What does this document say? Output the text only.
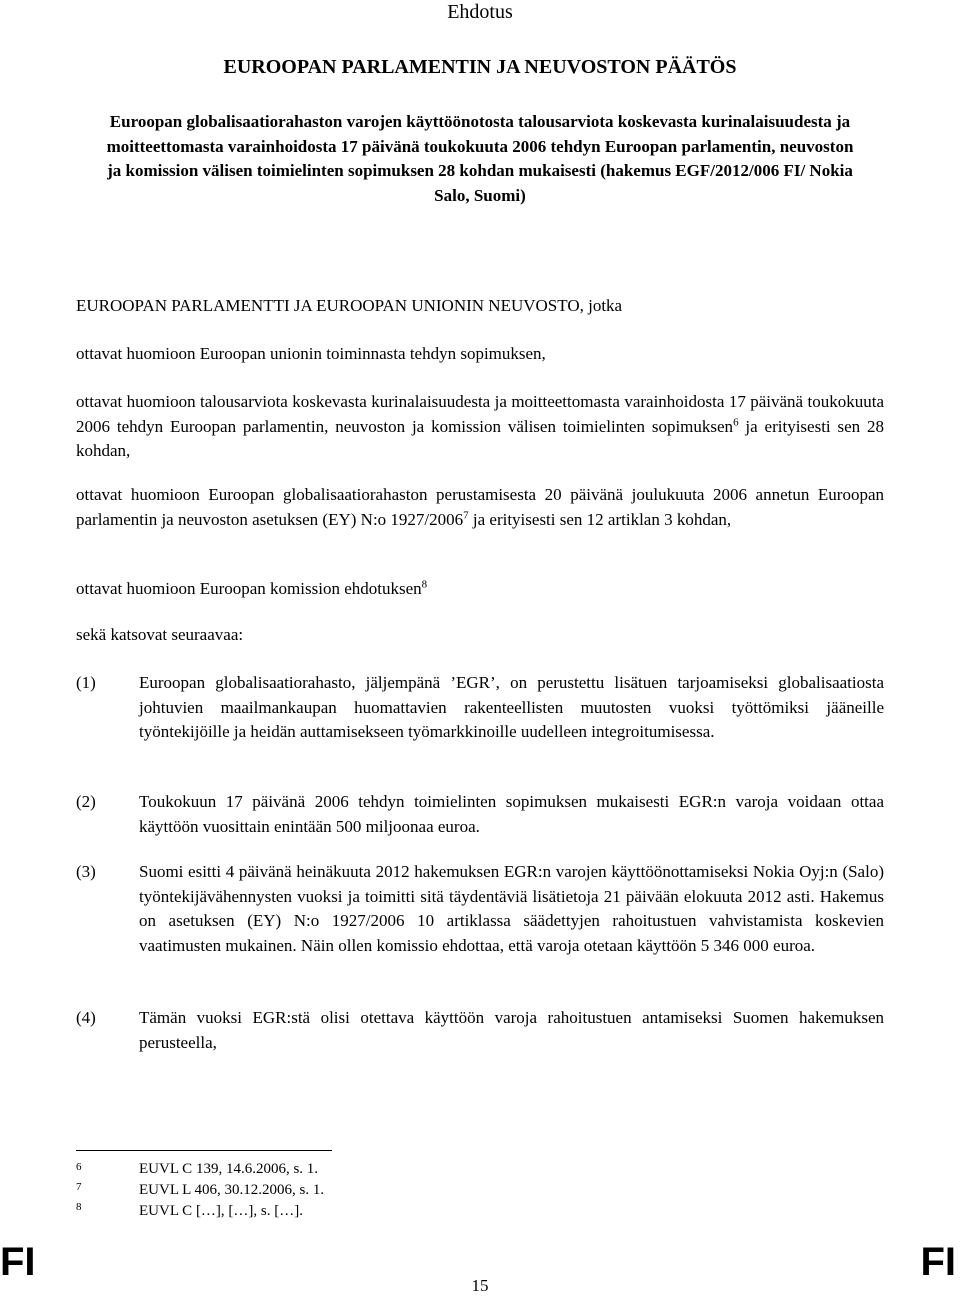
Ehdotus
EUROOPAN PARLAMENTIN JA NEUVOSTON PÄÄTÖS
Euroopan globalisaatiorahaston varojen käyttöönotosta talousarviota koskevasta kurinalaisuudesta ja moitteettomasta varainhoidosta 17 päivänä toukokuuta 2006 tehdyn Euroopan parlamentin, neuvoston ja komission välisen toimielinten sopimuksen 28 kohdan mukaisesti (hakemus EGF/2012/006 FI/ Nokia Salo, Suomi)
EUROOPAN PARLAMENTTI JA EUROOPAN UNIONIN NEUVOSTO, jotka
ottavat huomioon Euroopan unionin toiminnasta tehdyn sopimuksen,
ottavat huomioon talousarviota koskevasta kurinalaisuudesta ja moitteettomasta varainhoidosta 17 päivänä toukokuuta 2006 tehdyn Euroopan parlamentin, neuvoston ja komission välisen toimielinten sopimuksen$^6$ ja erityisesti sen 28 kohdan,
ottavat huomioon Euroopan globalisaatiorahaston perustamisesta 20 päivänä joulukuuta 2006 annetun Euroopan parlamentin ja neuvoston asetuksen (EY) N:o 1927/2006$^7$ ja erityisesti sen 12 artiklan 3 kohdan,
ottavat huomioon Euroopan komission ehdotuksen$^8$
sekä katsovat seuraavaa:
(1)	Euroopan globalisaatiorahasto, jäljempänä ’EGR’, on perustettu lisätuen tarjoamiseksi globalisaatiosta johtuvien maailmankaupan huomattavien rakenteellisten muutosten vuoksi työttömiksi jääneille työntekijöille ja heidän auttamisekseen työmarkkinoille uudelleen integroitumisessa.
(2)	Toukokuun 17 päivänä 2006 tehdyn toimielinten sopimuksen mukaisesti EGR:n varoja voidaan ottaa käyttöön vuosittain enintään 500 miljoonaa euroa.
(3)	Suomi esitti 4 päivänä heinäkuuta 2012 hakemuksen EGR:n varojen käyttöönottamiseksi Nokia Oyj:n (Salo) työntekijävähennysten vuoksi ja toimitti sitä täydentäviä lisätietoja 21 päivään elokuuta 2012 asti. Hakemus on asetuksen (EY) N:o 1927/2006 10 artiklassa säädettyjen rahoitustuen vahvistamista koskevien vaatimusten mukainen. Näin ollen komissio ehdottaa, että varoja otetaan käyttöön 5 346 000 euroa.
(4)	Tämän vuoksi EGR:stä olisi otettava käyttöön varoja rahoitustuen antamiseksi Suomen hakemuksen perusteella,
6	EUVL C 139, 14.6.2006, s. 1.
7	EUVL L 406, 30.12.2006, s. 1.
8	EUVL C […], […], s. […].
FI
15
FI
